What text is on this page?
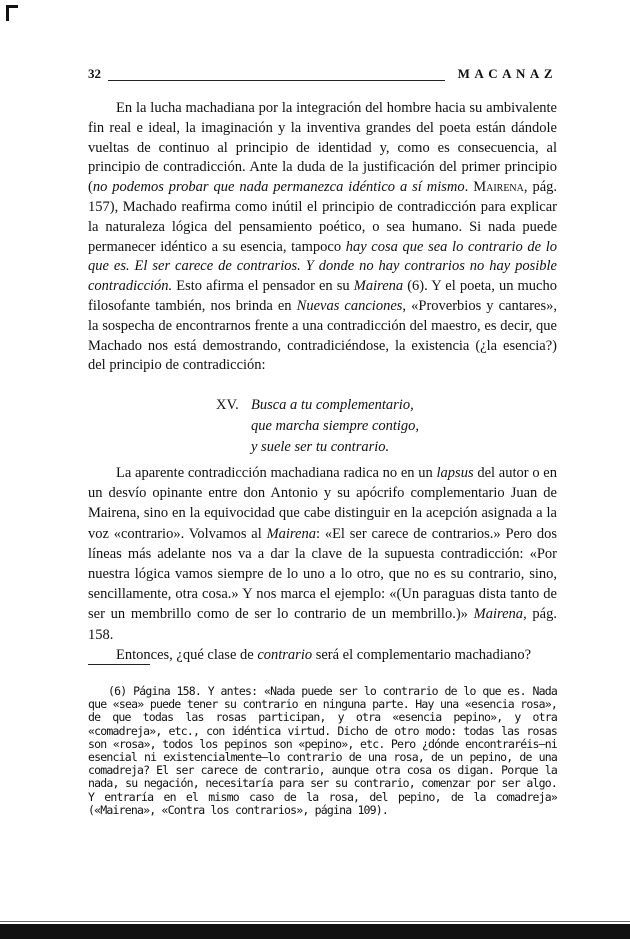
32	MACANAZ

En la lucha machadiana por la integración del hombre hacia su ambivalente fin real e ideal, la imaginación y la inventiva grandes del poeta están dándole vueltas de continuo al principio de identidad y, como es consecuencia, al principio de contradicción. Ante la duda de la justificación del primer principio (no podemos probar que nada permanezca idéntico a sí mismo. Mairena, pág. 157), Machado reafirma como inútil el principio de contradicción para explicar la naturaleza lógica del pensamiento poético, o sea humano. Si nada puede permanecer idéntico a su esencia, tampoco hay cosa que sea lo contrario de lo que es. El ser carece de contrarios. Y donde no hay contrarios no hay posible contradicción. Esto afirma el pensador en su Mairena (6). Y el poeta, un mucho filosofante también, nos brinda en Nuevas canciones, «Proverbios y cantares», la sospecha de encontrarnos frente a una contradicción del maestro, es decir, que Machado nos está demostrando, contradiciéndose, la existencia (¿la esencia?) del principio de contradicción:

XV. Busca a tu complementario,
que marcha siempre contigo,
y suele ser tu contrario.

La aparente contradicción machadiana radica no en un lapsus del autor o en un desvío opinante entre don Antonio y su apócrifo complementario Juan de Mairena, sino en la equivocidad que cabe distinguir en la acepción asignada a la voz «contrario». Volvamos al Mairena: «El ser carece de contrarios.» Pero dos líneas más adelante nos va a dar la clave de la supuesta contradicción: «Por nuestra lógica vamos siempre de lo uno a lo otro, que no es su contrario, sino, sencillamente, otra cosa.» Y nos marca el ejemplo: «(Un paraguas dista tanto de ser un membrillo como de ser lo contrario de un membrillo.)» Mairena, pág. 158.

Entonces, ¿qué clase de contrario será el complementario machadiano?

(6) Página 158. Y antes: «Nada puede ser lo contrario de lo que es. Nada que «sea» puede tener su contrario en ninguna parte. Hay una «esencia rosa», de que todas las rosas participan, y otra «esencia pepino», y otra «comadreja», etc., con idéntica virtud. Dicho de otro modo: todas las rosas son «rosa», todos los pepinos son «pepino», etc. Pero ¿dónde encontraréis—ni esencial ni existencialmente—lo contrario de una rosa, de un pepino, de una comadreja? El ser carece de contrario, aunque otra cosa os digan. Porque la nada, su negación, necesitaría para ser su contrario, comenzar por ser algo. Y entraría en el mismo caso de la rosa, del pepino, de la comadreja» («Mairena», «Contra los contrarios», página 109).
